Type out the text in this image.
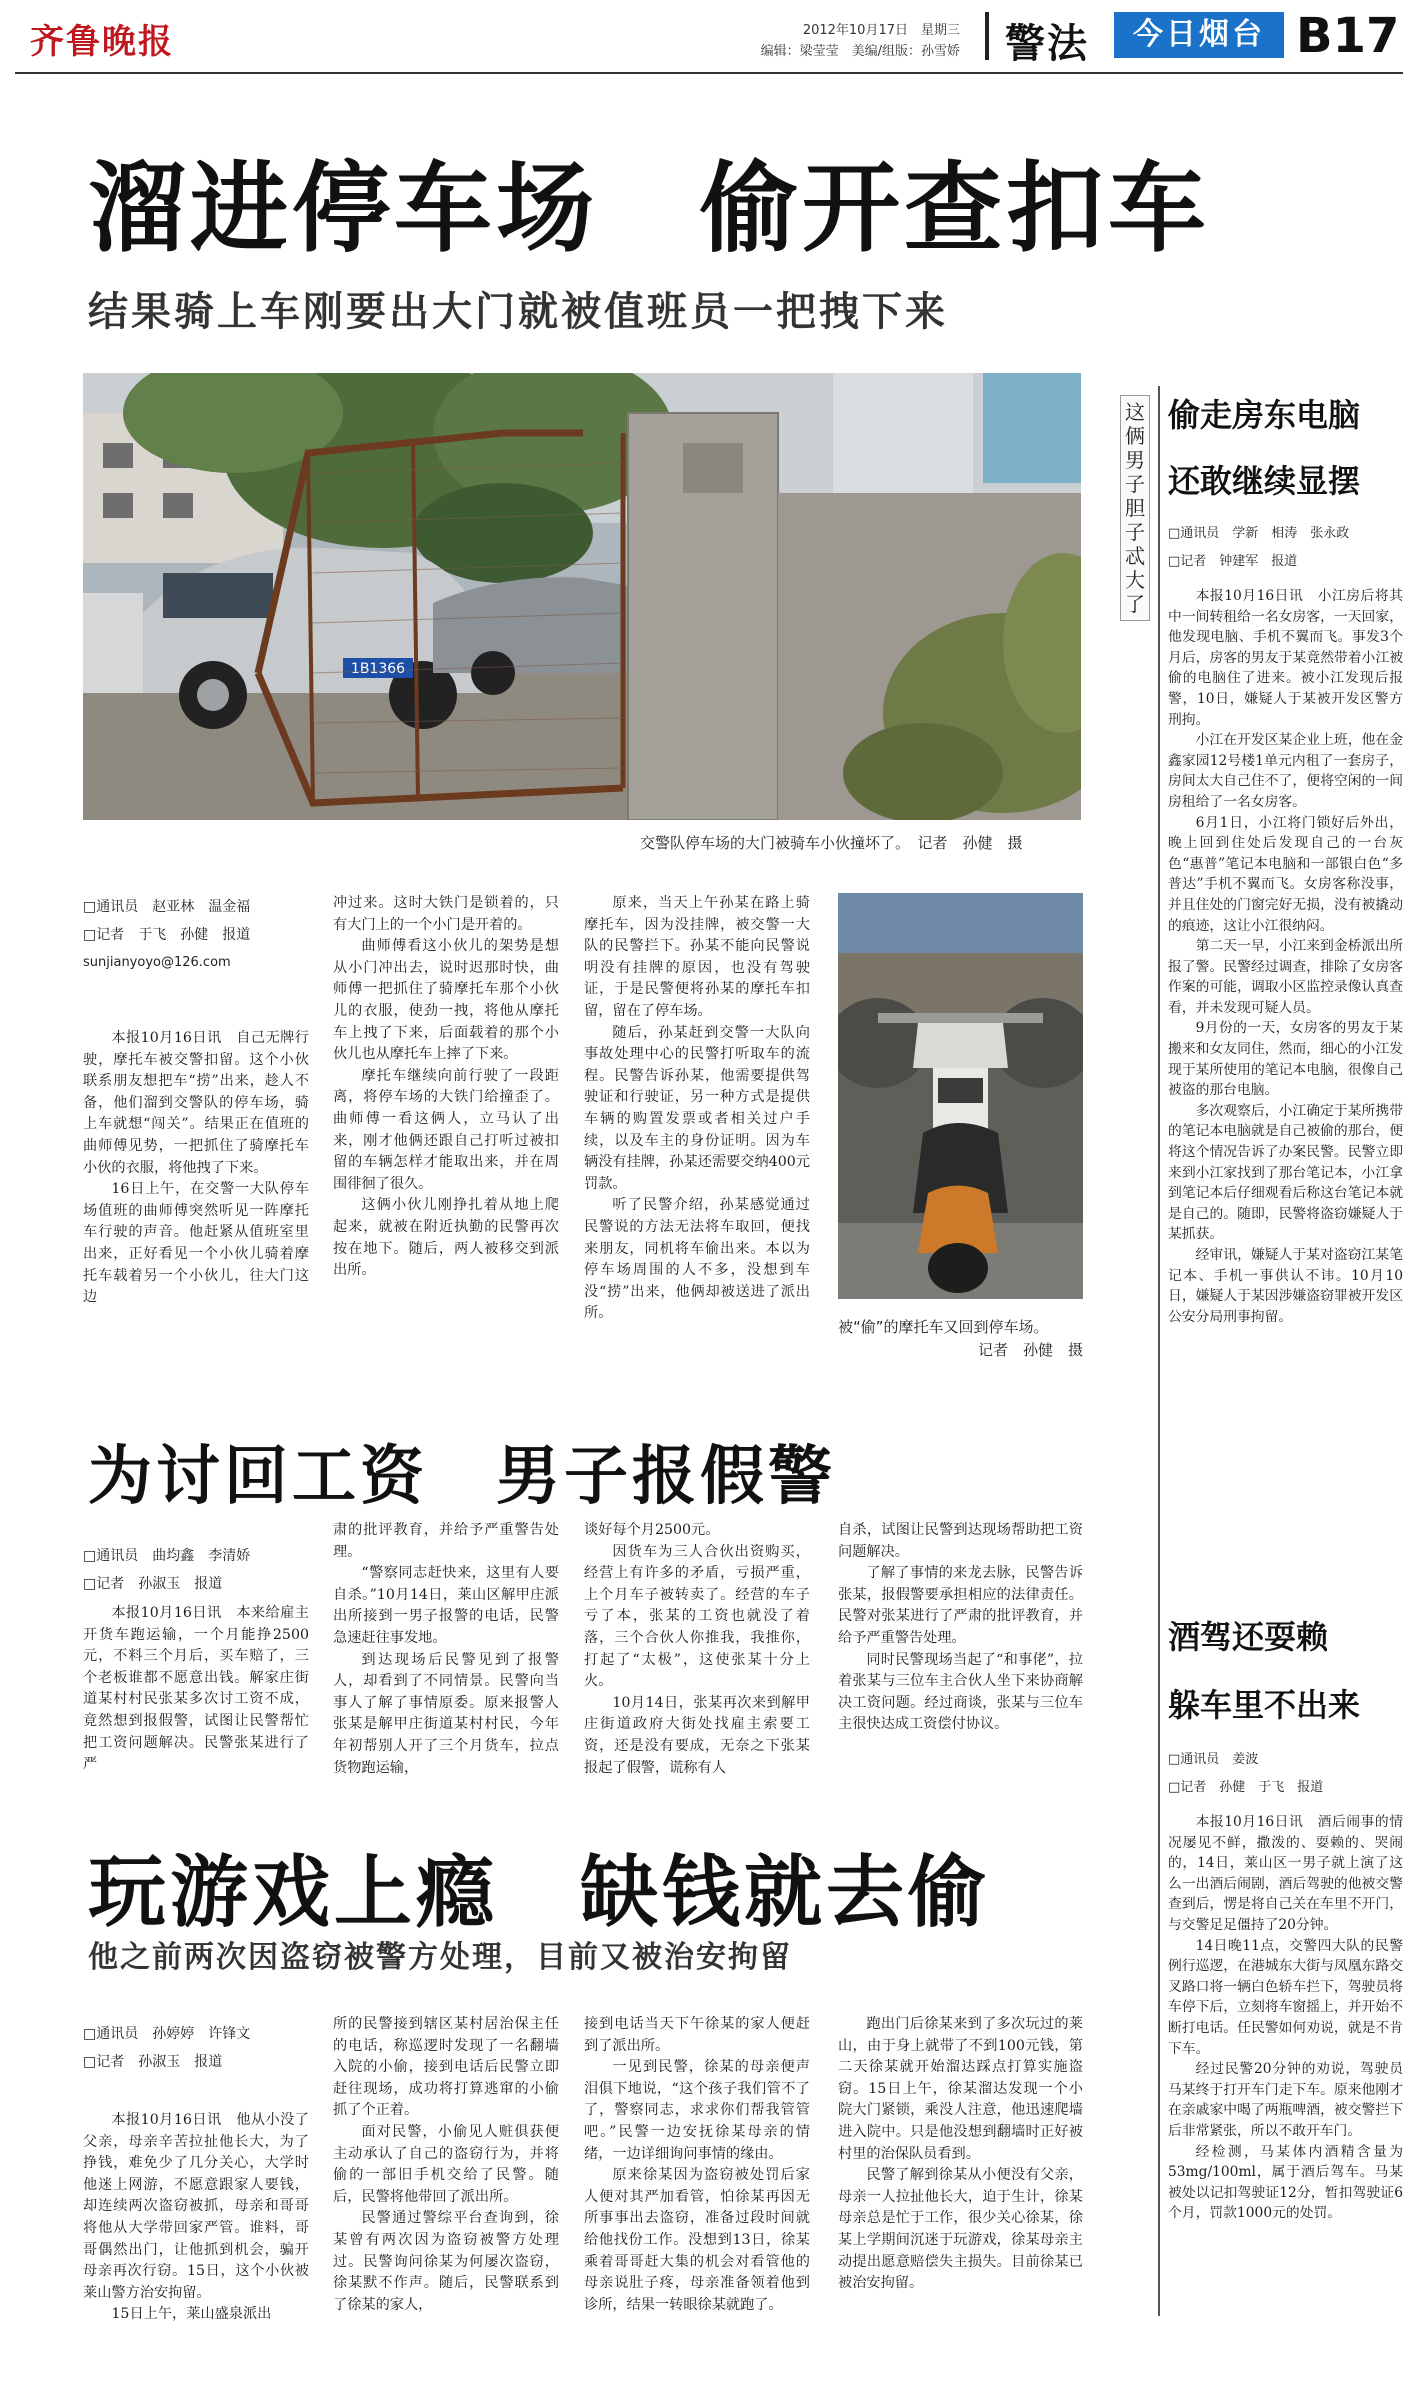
齐鲁晚报	2012年10月17日　星期三
编辑：梁莹莹　美编/组版：孙雪娇 警法	今日烟台 B17
溜进停车场　偷开查扣车
结果骑上车刚要出大门就被值班员一把拽下来
1B1366
交警队停车场的大门被骑车小伙撞坏了。　记者　孙健　摄
□通讯员　赵亚林　温金福
□记者　于飞　孙健　报道
sunjianyoyo@126.com

本报10月16日讯　自己无牌行驶，摩托车被交警扣留。这个小伙联系朋友想把车“捞”出来，趁人不备，他们溜到交警队的停车场，骑上车就想“闯关”。结果正在值班的曲师傅见势，一把抓住了骑摩托车小伙的衣服，将他拽了下来。

16日上午，在交警一大队停车场值班的曲师傅突然听见一阵摩托车行驶的声音。他赶紧从值班室里出来，正好看见一个小伙儿骑着摩托车载着另一个小伙儿，往大门这边

冲过来。这时大铁门是锁着的，只有大门上的一个小门是开着的。

曲师傅看这小伙儿的架势是想从小门冲出去，说时迟那时快，曲师傅一把抓住了骑摩托车那个小伙儿的衣服，使劲一拽，将他从摩托车上拽了下来，后面载着的那个小伙儿也从摩托车上摔了下来。

摩托车继续向前行驶了一段距离，将停车场的大铁门给撞歪了。曲师傅一看这俩人，立马认了出来，刚才他俩还跟自己打听过被扣留的车辆怎样才能取出来，并在周围徘徊了很久。

这俩小伙儿刚挣扎着从地上爬起来，就被在附近执勤的民警再次按在地下。随后，两人被移交到派出所。

原来，当天上午孙某在路上骑摩托车，因为没挂牌，被交警一大队的民警拦下。孙某不能向民警说明没有挂牌的原因，也没有驾驶证，于是民警便将孙某的摩托车扣留，留在了停车场。

随后，孙某赶到交警一大队向事故处理中心的民警打听取车的流程。民警告诉孙某，他需要提供驾驶证和行驶证，另一种方式是提供车辆的购置发票或者相关过户手续，以及车主的身份证明。因为车辆没有挂牌，孙某还需要交纳400元罚款。

听了民警介绍，孙某感觉通过民警说的方法无法将车取回，便找来朋友，同机将车偷出来。本以为停车场周围的人不多，没想到车没“捞”出来，他俩却被送进了派出所。

被“偷”的摩托车又回到停车场。
记者　孙健　摄
为讨回工资　男子报假警
□通讯员　曲均鑫　李清娇
□记者　孙淑玉　报道

本报10月16日讯　本来给雇主开货车跑运输，一个月能挣2500元，不料三个月后，买车赔了，三个老板谁都不愿意出钱。解家庄街道某村村民张某多次讨工资不成，竟然想到报假警，试图让民警帮忙把工资问题解决。民警张某进行了严

肃的批评教育，并给予严重警告处理。

“警察同志赶快来，这里有人要自杀。”10月14日，莱山区解甲庄派出所接到一男子报警的电话，民警急速赶往事发地。

到达现场后民警见到了报警人，却看到了不同情景。民警向当事人了解了事情原委。原来报警人张某是解甲庄街道某村村民，今年年初帮别人开了三个月货车，拉点货物跑运输，

谈好每个月2500元。

因货车为三人合伙出资购买，经营上有许多的矛盾，亏损严重，上个月车子被转卖了。经营的车子亏了本，张某的工资也就没了着落，三个合伙人你推我，我推你，打起了“太极”，这使张某十分上火。

10月14日，张某再次来到解甲庄街道政府大街处找雇主索要工资，还是没有要成，无奈之下张某报起了假警，谎称有人

自杀，试图让民警到达现场帮助把工资问题解决。

了解了事情的来龙去脉，民警告诉张某，报假警要承担相应的法律责任。民警对张某进行了严肃的批评教育，并给予严重警告处理。

同时民警现场当起了“和事佬”，拉着张某与三位车主合伙人坐下来协商解决工资问题。经过商谈，张某与三位车主很快达成工资偿付协议。

玩游戏上瘾　缺钱就去偷
他之前两次因盗窃被警方处理，目前又被治安拘留
□通讯员　孙婷婷　许锋文
□记者　孙淑玉　报道

本报10月16日讯　他从小没了父亲，母亲辛苦拉扯他长大，为了挣钱，难免少了几分关心，大学时他迷上网游，不愿意跟家人要钱，却连续两次盗窃被抓，母亲和哥哥将他从大学带回家严管。谁料，哥哥偶然出门，让他抓到机会，骗开母亲再次行窃。15日，这个小伙被莱山警方治安拘留。

15日上午，莱山盛泉派出

所的民警接到辖区某村居治保主任的电话，称巡逻时发现了一名翻墙入院的小偷，接到电话后民警立即赶往现场，成功将打算逃窜的小偷抓了个正着。

面对民警，小偷见人赃俱获便主动承认了自己的盗窃行为，并将偷的一部旧手机交给了民警。随后，民警将他带回了派出所。

民警通过警综平台查询到，徐某曾有两次因为盗窃被警方处理过。民警询问徐某为何屡次盗窃，徐某默不作声。随后，民警联系到了徐某的家人，

接到电话当天下午徐某的家人便赶到了派出所。

一见到民警，徐某的母亲便声泪俱下地说，“这个孩子我们管不了了，警察同志，求求你们帮我管管吧。”民警一边安抚徐某母亲的情绪，一边详细询问事情的缘由。

原来徐某因为盗窃被处罚后家人便对其严加看管，怕徐某再因无所事事出去盗窃，准备过段时间就给他找份工作。没想到13日，徐某乘着哥哥赶大集的机会对看管他的母亲说肚子疼，母亲准备领着他到诊所，结果一转眼徐某就跑了。

跑出门后徐某来到了多次玩过的莱山，由于身上就带了不到100元钱，第二天徐某就开始溜达踩点打算实施盗窃。15日上午，徐某溜达发现一个小院大门紧锁，乘没人注意，他迅速爬墙进入院中。只是他没想到翻墙时正好被村里的治保队员看到。

民警了解到徐某从小便没有父亲，母亲一人拉扯他长大，迫于生计，徐某母亲总是忙于工作，很少关心徐某，徐某上学期间沉迷于玩游戏，徐某母亲主动提出愿意赔偿失主损失。目前徐某已被治安拘留。

这俩男子胆子忒大了
偷走房东电脑
还敢继续显摆
□通讯员　学新　相涛　张永政
□记者　钟建军　报道

本报10月16日讯　小江房后将其中一间转租给一名女房客，一天回家，他发现电脑、手机不翼而飞。事发3个月后，房客的男友于某竟然带着小江被偷的电脑住了进来。被小江发现后报警，10日，嫌疑人于某被开发区警方刑拘。

小江在开发区某企业上班，他在金鑫家园12号楼1单元内租了一套房子，房间太大自己住不了，便将空闲的一间房租给了一名女房客。

6月1日，小江将门锁好后外出，晚上回到住处后发现自己的一台灰色“惠普”笔记本电脑和一部银白色“多普达”手机不翼而飞。女房客称没事，并且住处的门窗完好无损，没有被撬动的痕迹，这让小江很纳闷。

第二天一早，小江来到金桥派出所报了警。民警经过调查，排除了女房客作案的可能，调取小区监控录像认真查看，并未发现可疑人员。

9月份的一天，女房客的男友于某搬来和女友同住，然而，细心的小江发现于某所使用的笔记本电脑，很像自己被盗的那台电脑。

多次观察后，小江确定于某所携带的笔记本电脑就是自己被偷的那台，便将这个情况告诉了办案民警。民警立即来到小江家找到了那台笔记本，小江拿到笔记本后仔细观看后称这台笔记本就是自己的。随即，民警将盗窃嫌疑人于某抓获。

经审讯，嫌疑人于某对盗窃江某笔记本、手机一事供认不讳。10月10日，嫌疑人于某因涉嫌盗窃罪被开发区公安分局刑事拘留。

酒驾还耍赖
躲车里不出来
□通讯员　姜波
□记者　孙健　于飞　报道

本报10月16日讯　酒后闹事的情况屡见不鲜，撒泼的、耍赖的、哭闹的，14日，莱山区一男子就上演了这么一出酒后闹剧，酒后驾驶的他被交警查到后，愣是将自己关在车里不开门，与交警足足僵持了20分钟。

14日晚11点，交警四大队的民警例行巡逻，在港城东大街与凤凰东路交叉路口将一辆白色轿车拦下，驾驶员将车停下后，立刻将车窗摇上，并开始不断打电话。任民警如何劝说，就是不肯下车。

经过民警20分钟的劝说，驾驶员马某终于打开车门走下车。原来他刚才在亲戚家中喝了两瓶啤酒，被交警拦下后非常紧张，所以不敢开车门。

经检测，马某体内酒精含量为53mg/100ml，属于酒后驾车。马某被处以记扣驾驶证12分，暂扣驾驶证6个月，罚款1000元的处罚。
